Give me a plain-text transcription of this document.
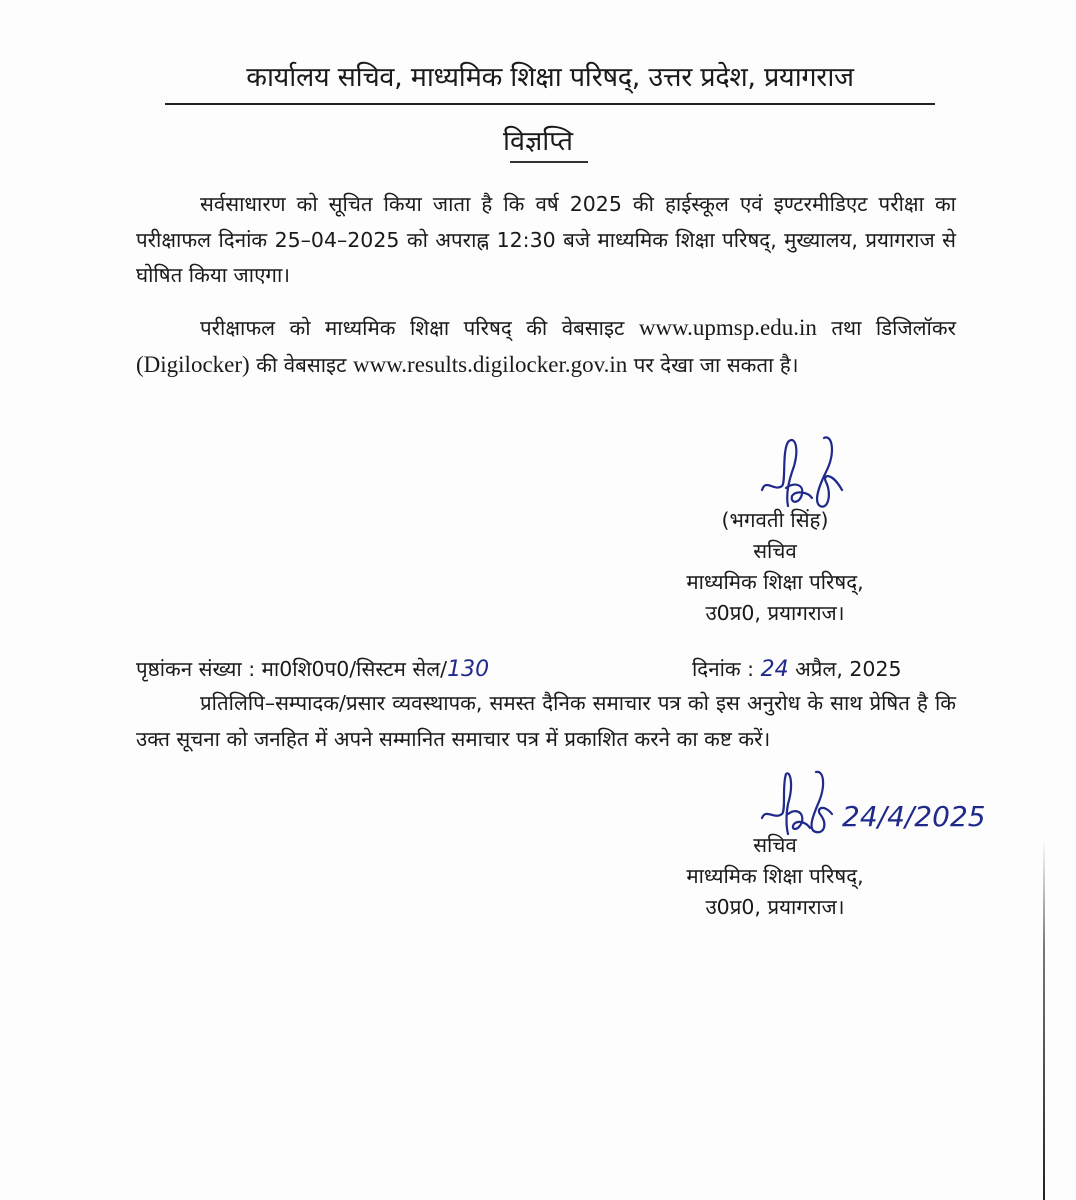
कार्यालय सचिव, माध्यमिक शिक्षा परिषद्, उत्तर प्रदेश, प्रयागराज
विज्ञप्ति
सर्वसाधारण को सूचित किया जाता है कि वर्ष 2025 की हाईस्कूल एवं इण्टरमीडिएट परीक्षा का परीक्षाफल दिनांक 25–04–2025 को अपराह्न 12:30 बजे माध्यमिक शिक्षा परिषद्, मुख्यालय, प्रयागराज से घोषित किया जाएगा।
परीक्षाफल को माध्यमिक शिक्षा परिषद् की वेबसाइट www.upmsp.edu.in तथा डिजिलॉकर (Digilocker) की वेबसाइट www.results.digilocker.gov.in पर देखा जा सकता है।
(भगवती सिंह)
सचिव
माध्यमिक शिक्षा परिषद्,
उ0प्र0, प्रयागराज।
पृष्ठांकन संख्या : मा0शि0प0/सिस्टम सेल/130	दिनांक : 24 अप्रैल, 2025
प्रतिलिपि–सम्पादक/प्रसार व्यवस्थापक, समस्त दैनिक समाचार पत्र को इस अनुरोध के साथ प्रेषित है कि उक्त सूचना को जनहित में अपने सम्मानित समाचार पत्र में प्रकाशित करने का कष्ट करें।
24/4/2025
सचिव
माध्यमिक शिक्षा परिषद्,
उ0प्र0, प्रयागराज।
